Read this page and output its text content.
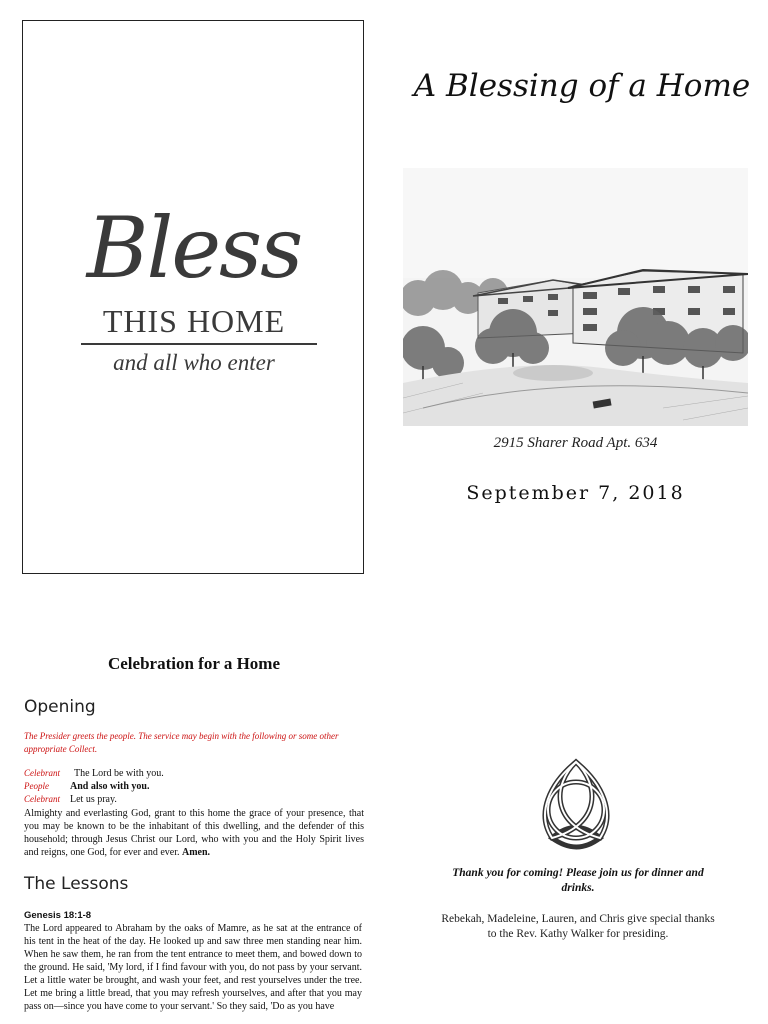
Bless
THIS HOME
and all who enter
A Blessing of a Home
2915 Sharer Road Apt. 634
September 7, 2018
Celebration for a Home
Opening
The Presider greets the people. The service may begin with the following or some other appropriate Collect.
Celebrant	The Lord be with you.
People	And also with you.
Celebrant	Let us pray.
Almighty and everlasting God, grant to this home the grace of your presence, that you may be known to be the inhabitant of this dwelling, and the defender of this household; through Jesus Christ our Lord, who with you and the Holy Spirit lives and reigns, one God, for ever and ever. Amen.
The Lessons
Genesis 18:1-8
The Lord appeared to Abraham by the oaks of Mamre, as he sat at the entrance of his tent in the heat of the day. He looked up and saw three men standing near him. When he saw them, he ran from the tent entrance to meet them, and bowed down to the ground. He said, 'My lord, if I find favour with you, do not pass by your servant. Let a little water be brought, and wash your feet, and rest yourselves under the tree. Let me bring a little bread, that you may refresh yourselves, and after that you may pass on—since you have come to your servant.' So they said, 'Do as you have
Thank you for coming! Please join us for dinner and drinks.
Rebekah, Madeleine, Lauren, and Chris give special thanks to the Rev. Kathy Walker for presiding.
